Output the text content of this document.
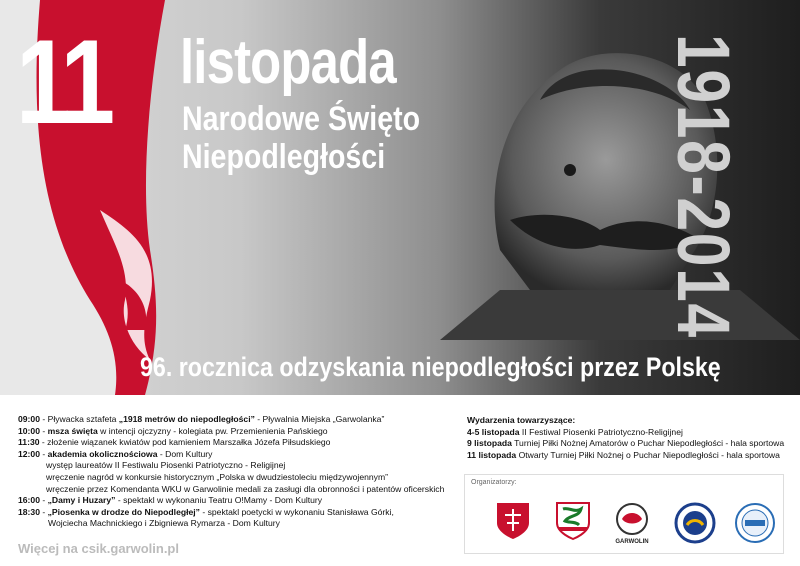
11 listopada
Narodowe Święto
Niepodległości	1918-2014
96. rocznica odzyskania niepodległości przez Polskę
09:00 - Pływacka sztafeta „1918 metrów do niepodległości” - Pływalnia Miejska „Garwolanka”
10:00 - msza święta w intencji ojczyzny - kolegiata pw. Przemienienia Pańskiego
11:30 - złożenie wiązanek kwiatów pod kamieniem Marszałka Józefa Piłsudskiego
12:00 - akademia okolicznościowa - Dom Kultury
występ laureatów II Festiwalu Piosenki Patriotyczno - Religijnej
wręczenie nagród w konkursie historycznym „Polska w dwudziestoleciu międzywojennym”
wręczenie przez Komendanta WKU w Garwolinie medali za zasługi dla obronności i patentów oficerskich
16:00 - „Damy i Huzary” - spektakl w wykonaniu Teatru O!Mamy - Dom Kultury
18:30 - „Piosenka w drodze do Niepodległej” - spektakl poetycki w wykonaniu Stanisława Górki,
Wojciecha Machnickiego i Zbigniewa Rymarza - Dom Kultury
Wydarzenia towarzyszące:
4-5 listopada II Festiwal Piosenki Patriotyczno-Religijnej
9 listopada Turniej Piłki Nożnej Amatorów o Puchar Niepodległości - hala sportowa
11 listopada Otwarty Turniej Piłki Nożnej o Puchar Niepodległości - hala sportowa
Organizatorzy:
GARWOLIN
Więcej na csik.garwolin.pl
